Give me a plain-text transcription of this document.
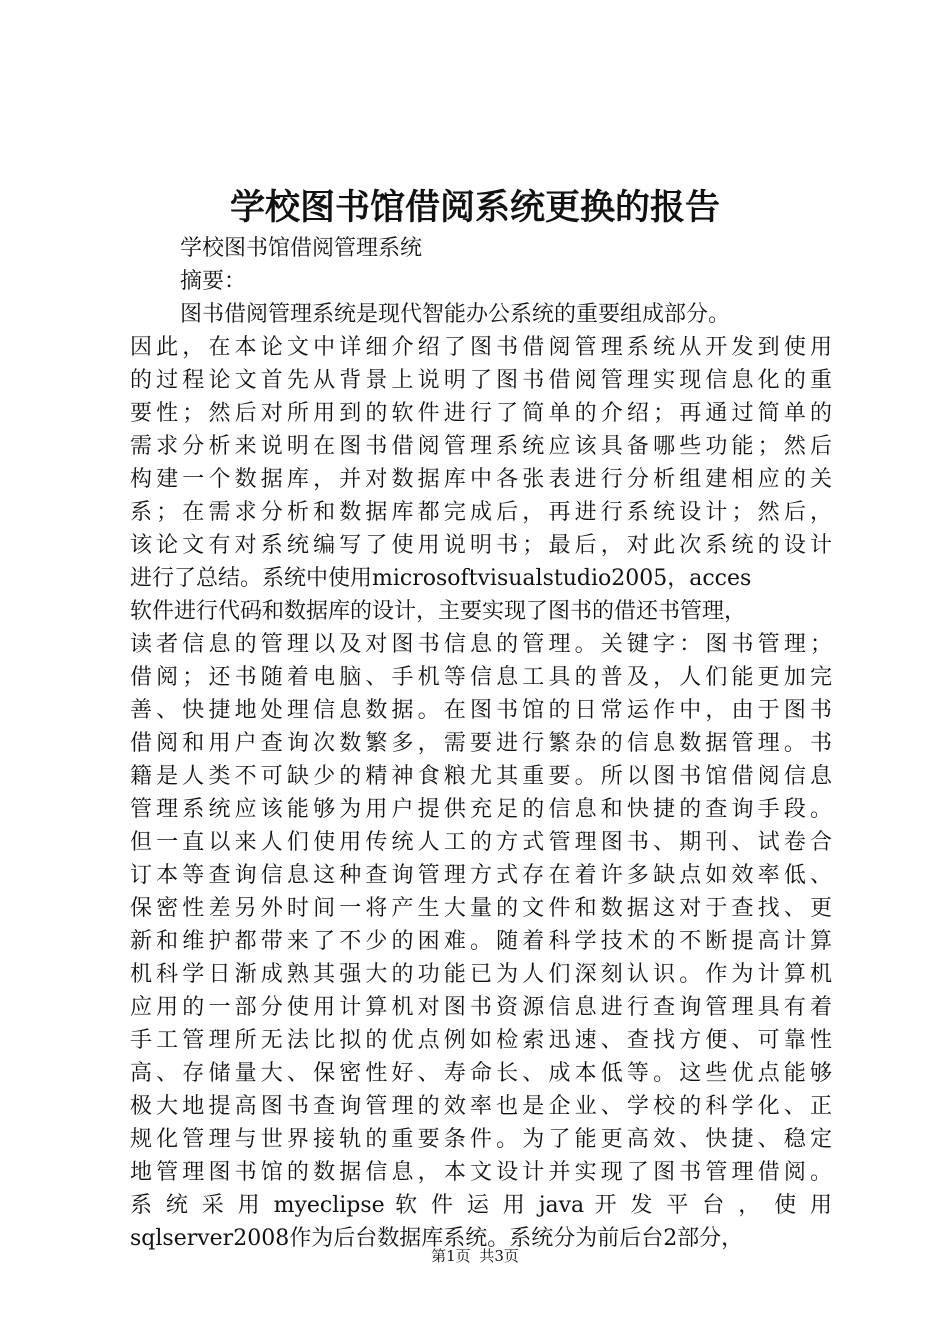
学校图书馆借阅系统更换的报告
学校图书馆借阅管理系统
摘要：
图书借阅管理系统是现代智能办公系统的重要组成部分。
因此，在本论文中详细介绍了图书借阅管理系统从开发到使用
的过程论文首先从背景上说明了图书借阅管理实现信息化的重
要性；然后对所用到的软件进行了简单的介绍；再通过简单的
需求分析来说明在图书借阅管理系统应该具备哪些功能；然后
构建一个数据库，并对数据库中各张表进行分析组建相应的关
系；在需求分析和数据库都完成后，再进行系统设计；然后，
该论文有对系统编写了使用说明书；最后，对此次系统的设计
进行了总结。系统中使用microsoftvisualstudio2005，acces
软件进行代码和数据库的设计，主要实现了图书的借还书管理，
读者信息的管理以及对图书信息的管理。关键字：图书管理；
借阅；还书随着电脑、手机等信息工具的普及，人们能更加完
善、快捷地处理信息数据。在图书馆的日常运作中，由于图书
借阅和用户查询次数繁多，需要进行繁杂的信息数据管理。书
籍是人类不可缺少的精神食粮尤其重要。所以图书馆借阅信息
管理系统应该能够为用户提供充足的信息和快捷的查询手段。
但一直以来人们使用传统人工的方式管理图书、期刊、试卷合
订本等查询信息这种查询管理方式存在着许多缺点如效率低、
保密性差另外时间一将产生大量的文件和数据这对于查找、更
新和维护都带来了不少的困难。随着科学技术的不断提高计算
机科学日渐成熟其强大的功能已为人们深刻认识。作为计算机
应用的一部分使用计算机对图书资源信息进行查询管理具有着
手工管理所无法比拟的优点例如检索迅速、查找方便、可靠性
高、存储量大、保密性好、寿命长、成本低等。这些优点能够
极大地提高图书查询管理的效率也是企业、学校的科学化、正
规化管理与世界接轨的重要条件。为了能更高效、快捷、稳定
地管理图书馆的数据信息，本文设计并实现了图书管理借阅。
系 统 采 用 myeclipse 软 件 运 用 java 开 发 平 台 ， 使 用
sqlserver2008作为后台数据库系统。系统分为前后台2部分，
第1页 共3页
